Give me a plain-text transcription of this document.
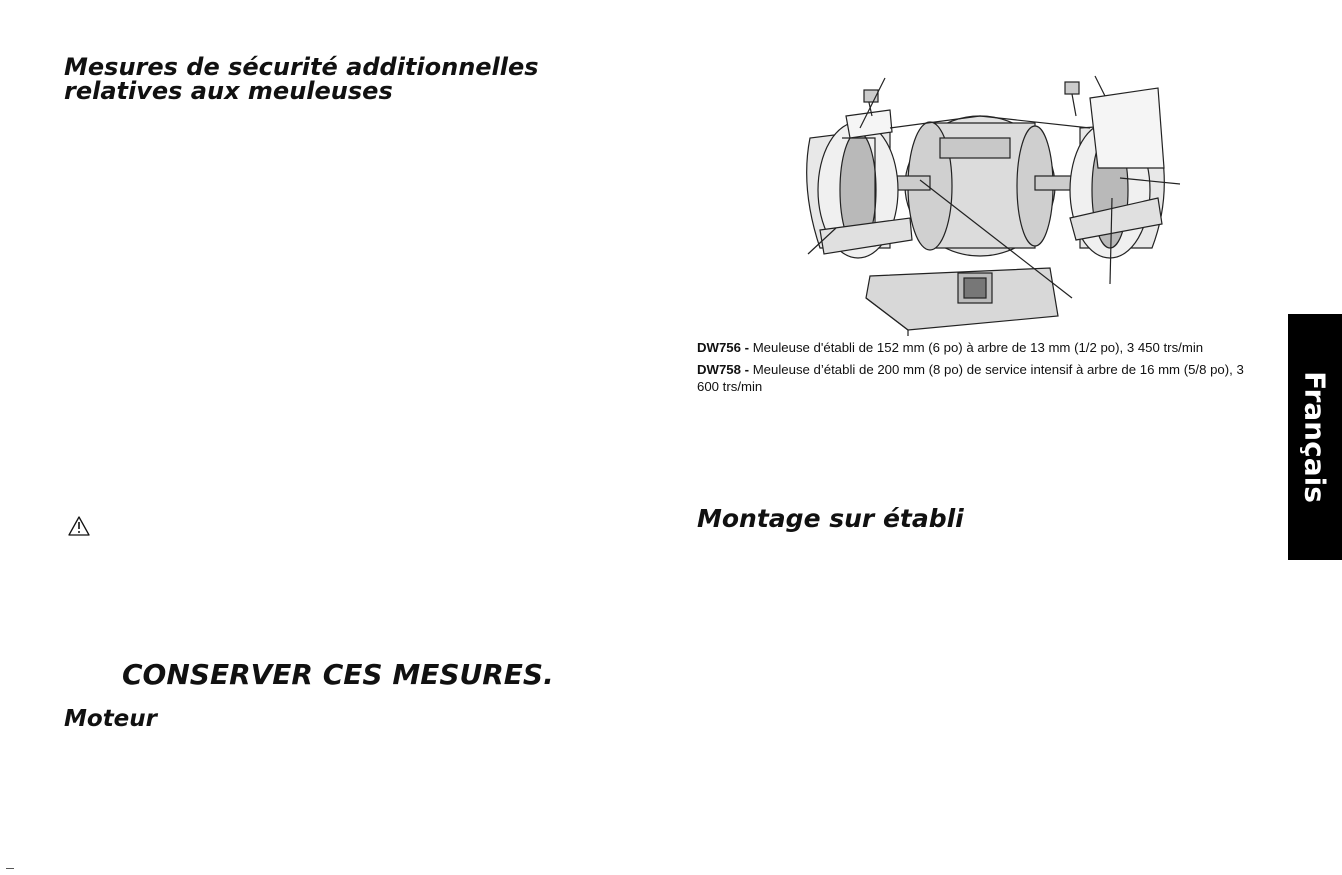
Mesures de sécurité additionnelles
relatives aux meuleuses
CONSERVER CES MESURES.
Moteur
DW756 - Meuleuse d'établi de 152 mm (6 po) à arbre de 13 mm (1/2 po), 3 450 trs/min
DW758 - Meuleuse d’établi de 200 mm (8 po) de service intensif à arbre de 16 mm (5/8 po), 3 600 trs/min
Montage sur établi
Français
